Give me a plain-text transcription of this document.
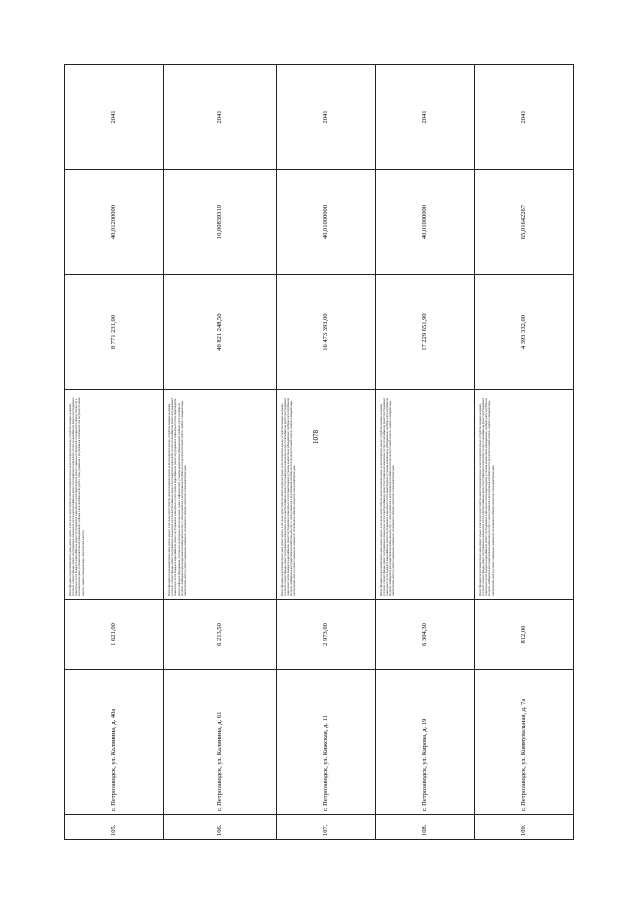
1078
105.	г. Петрозаводск, ул. Калинина, д. 40а	1 621,00	Ремонт фундамента многоквартирного дома, ремонт крыши, в том числе переустройство невентилируемой крыши на вентилируемую крышу, устройство выходов на кровлю, утепление и ремонт фасада, ремонт внутридомовых инженерных систем электроснабжения, ремонт внутридомовых инженерных систем теплоснабжения, ремонт внутридомовых инженерных систем холодного водоснабжения, ремонт внутридомовых инженерных систем водоотведения, ремонт подвальных помещений, относящихся к общему имуществу в многоквартирном доме, установка коллективных (общедомовых) приборов учета потребления ресурсов и узлов управления и регулирования потребления этих ресурсов (тепловой энергии, горячей и холодной воды, электрической энергии)	8 771 231,00	40,01200000	2041
106.	г. Петрозаводск, ул. Калинина, д. 61	6 213,50	Ремонт фундамента многоквартирного дома, ремонт крыши, в том числе переустройство невентилируемой крыши на вентилируемую крышу, устройство выходов на кровлю, утепление и ремонт фасада, ремонт внутридомовых инженерных систем электроснабжения, ремонт внутридомовых инженерных систем теплоснабжения, ремонт внутридомовых инженерных систем холодного водоснабжения, ремонт внутридомовых инженерных систем горячего водоснабжения, ремонт внутридомовых инженерных систем водоотведения, ремонт лифтового оборудования, признанного непригодным для эксплуатации, ремонт лифтовых шахт, установка коллективных (общедомовых) приборов учета потребления ресурсов, необходимых для предоставления коммунальных услуг, и узлов управления и регулирования потребления этих ресурсов (тепловой энергии, горячей и холодной воды, электрической энергии), ремонт подвальных помещений, относящихся к общему имуществу в многоквартирном доме	40 821 248,50	10,00839319	2041
107.	г. Петрозаводск, ул. Кижская, д. 11	2 973,00	Ремонт фундамента многоквартирного дома, ремонт крыши, в том числе переустройство невентилируемой крыши на вентилируемую крышу, устройство выходов на кровлю, утепление и ремонт фасада, ремонт внутридомовых инженерных систем электроснабжения, ремонт внутридомовых инженерных систем теплоснабжения, ремонт внутридомовых инженерных систем холодного водоснабжения, ремонт внутридомовых инженерных систем водоотведения, установка коллективных (общедомовых) приборов учета потребления ресурсов, необходимых для предоставления коммунальных услуг, и узлов управления и регулирования потребления этих ресурсов (тепловой энергии, горячей и холодной воды, электрической энергии), ремонт подвальных помещений, относящихся к общему имуществу в многоквартирном доме	16 473 393,00	40,01000000	2041
108.	г. Петрозаводск, ул. Кирова, д. 19	6 304,30	Ремонт фундамента многоквартирного дома, ремонт крыши, в том числе переустройство невентилируемой крыши на вентилируемую крышу, устройство выходов на кровлю, утепление и ремонт фасада, ремонт внутридомовых инженерных систем электроснабжения, ремонт внутридомовых инженерных систем теплоснабжения, ремонт внутридомовых инженерных систем холодного водоснабжения, ремонт внутридомовых инженерных систем водоотведения, установка коллективных (общедомовых) приборов учета потребления ресурсов, необходимых для предоставления коммунальных услуг, и узлов управления и регулирования потребления этих ресурсов (тепловой энергии, горячей и холодной воды, электрической энергии), ремонт подвальных помещений, относящихся к общему имуществу в многоквартирном доме	17 229 651,90	40,01000000	2041
109.	г. Петрозаводск, ул. Коммунальная, д. 7а	812,00	Ремонт фундамента многоквартирного дома, ремонт крыши, в том числе переустройство невентилируемой крыши на вентилируемую крышу, устройство выходов на кровлю, утепление и ремонт фасада, ремонт внутридомовых инженерных систем электроснабжения, ремонт внутридомовых инженерных систем теплоснабжения, ремонт внутридомовых инженерных систем холодного водоснабжения, ремонт внутридомовых инженерных систем водоотведения, установка коллективных (общедомовых) приборов учета потребления ресурсов, необходимых для предоставления коммунальных услуг, и узлов управления и регулирования потребления этих ресурсов (тепловой энергии, горячей и холодной воды, электрической энергии), ремонт подвальных помещений, относящихся к общему имуществу в многоквартирном доме	4 393 332,00	65,01642267	2041
